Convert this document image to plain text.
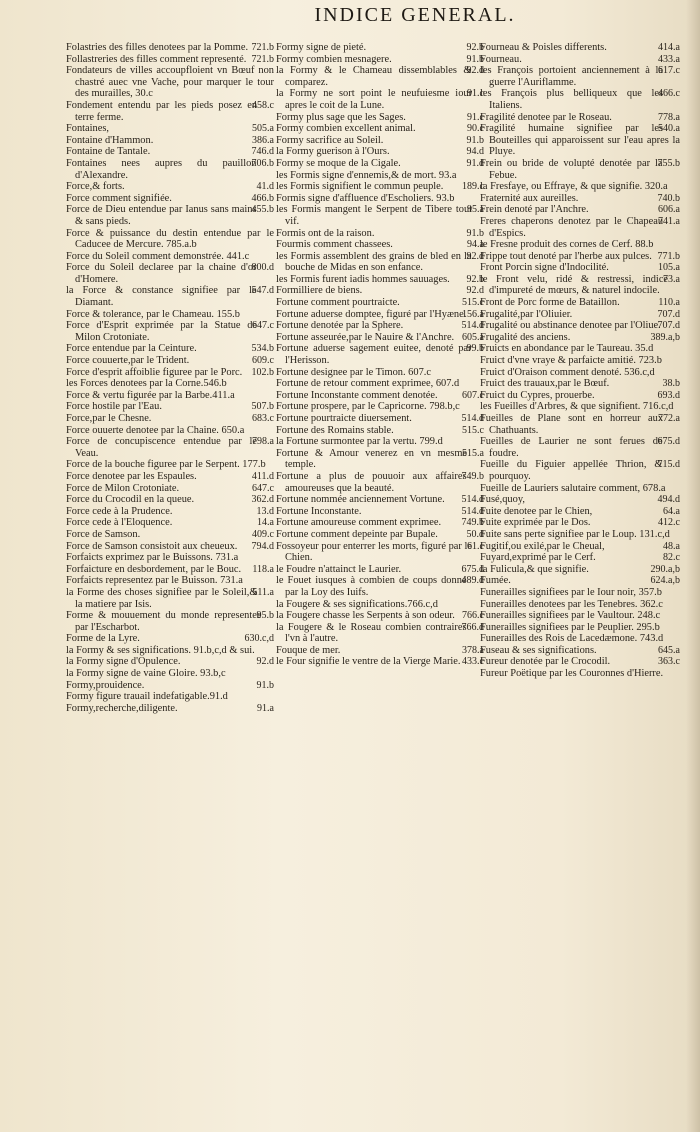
INDICE GENERAL.

721.b
Folastries des filles denotees par la Pomme.

721.b
Follastreries des filles comment representé.

Fondateurs de villes accoupfloient vn Bœuf non chastré auec vne Vache, pour marquer le tour des murailles, 30.c

458.c
Fondement entendu par les pieds posez en terre ferme.

505.a
Fontaines,

386.a
Fontaine d'Hammon.

746.d
Fontaine de Tantale.

706.b
Fontaines nees aupres du pauillon d'Alexandre.

41.d
Force,& forts.

466.b
Force comment signifiée.

455.b
Force de Dieu entendue par Ianus sans mains & sans pieds.

Force & puissance du destin entendue par le Caducee de Mercure. 785.a.b

Force du Soleil comment demonstrée. 441.c

800.d
Force du Soleil declaree par la chaine d'or d'Homere.

547.d
la Force & constance signifiee par le Diamant.

Force & tolerance, par le Chameau. 155.b

647.c
Force d'Esprit exprimée par la Statue de Milon Crotoniate.

534.b
Force entendue par la Ceinture.

609.c
Force couuerte,par le Trident.

102.b
Force d'esprit affoiblie figuree par le Porc.

les Forces denotees par la Corne.546.b

Force & vertu figurée par la Barbe.411.a

507.b
Force hostile par l'Eau.

683.c
Force,par le Chesne.

Force ouuerte denotee par la Chaine. 650.a

798.a
Force de concupiscence entendue par le Veau.

Force de la bouche figuree par le Serpent. 177.b

411.d
Force denotee par les Espaules.

647.c
Force de Milon Crotoniate.

362.d
Force du Crocodil en la queue.

13.d
Force cede à la Prudence.

14.a
Force cede à l'Eloquence.

409.c
Force de Samson.

794.d
Force de Samson consistoit aux cheueux.

Forfaicts exprimez par le Buissons. 731.a

118.a
Forfaicture en desbordement, par le Bouc.

Forfaicts representez par le Buisson. 731.a

511.a
la Forme des choses signifiee par le Soleil,& la matiere par Isis.

95.b
Forme & mouuement du monde representee par l'Escharbot.

630.c,d
Forme de la Lyre.

la Formy & ses significations. 91.b,c,d & sui.

92.d
la Formy signe d'Opulence.

la Formy signe de vaine Gloire. 93.b,c

91.b
Formy,prouidence.

Formy figure trauail indefatigable.91.d

91.a
Formy,recherche,diligente.

92.b
Formy signe de pieté.

91.b
Formy combien mesnagere.

92.d
la Formy & le Chameau dissemblables & comparez.

91.c
la Formy ne sort point le neufuiesme iour apres le coit de la Lune.

91.c
Formy plus sage que les Sages.

90.c
Formy combien excellent animal.

91.b
Formy sacrifice au Soleil.

94.d
la Formy guerison à l'Ours.

91.d
Formy se moque de la Cigale.

les Formis signe d'ennemis,& de mort. 93.a

189.c
les Formis signifient le commun peuple.

Formis signe d'affluence d'Escholiers. 93.b

95.a
les Formis mangent le Serpent de Tibere tout vif.

91.b
Formis ont de la raison.

94.a
Fourmis comment chassees.

92.d
les Formis assemblent des grains de bled en la bouche de Midas en son enfance.

92.b
les Formis furent iadis hommes sauuages.

92.d
Formilliere de biens.

515.c
Fortune comment pourtraicte.

156.a
Fortune aduerse domptee, figuré par l'Hyæne.

514.d
Fortune denotée par la Sphere.

605.a
Fortune asseurée,par le Nauire & l'Anchre.

99.b
Fortune aduerse sagement euitee, denoté par l'Herisson.

Fortune designee par le Timon. 607.c

Fortune de retour comment exprimee, 607.d

607.c
Fortune Inconstante comment denotée.

Fortune prospere, par le Capricorne. 798.b,c

514.d
Fortune pourtraicte diuersement.

515.c
Fortune des Romains stable.

la Fortune surmontee par la vertu. 799.d

515.a
Fortune & Amour venerez en vn mesme temple.

749.b
Fortune a plus de pouuoir aux affaires amoureuses que la beauté.

514.d
Fortune nommée anciennement Vortune.

514.d
Fortune Inconstante.

749.b
Fortune amoureuse comment exprimee.

50.d
Fortune comment depeinte par Bupale.

61.c
Fossoyeur pour enterrer les morts, figuré par le Chien.

675.d
le Foudre n'attainct le Laurier.

489.d
le Fouet iusques à combien de coups donné par la Loy des Iuifs.

la Fougere & ses significations.766.c,d

766.c
la Fougere chasse les Serpents à son odeur.

766.d
la Fougere & le Roseau combien contraires l'vn à l'autre.

378.a
Fouque de mer.

433.c
le Four signifie le ventre de la Vierge Marie.

414.a
Fourneau & Poisles differents.

433.a
Fourneau.

617.c
les François portoient anciennement à la guerre l'Auriflamme.

466.c
les François plus belliqueux que les Italiens.

778.a
Fragilité denotee par le Roseau.

540.a
Fragilité humaine signifiee par les Bouteilles qui apparoissent sur l'eau apres la Pluye.

755.b
Frein ou bride de volupté denotée par la Febue.

la Fresfaye, ou Effraye, & que signifie. 320.a

740.b
Fraternité aux aureilles.

606.a
Frein denoté par l'Anchre.

741.a
Freres chaperons denotez par le Chapeau d'Espics.

le Fresne produit des cornes de Cerf. 88.b

771.b
Frippe tout denoté par l'herbe aux pulces.

105.a
Front Porcin signe d'Indocilité.

73.a
le Front velu, ridé & restressi, indice d'impureté de mœurs, & naturel indocile.

110.a
Front de Porc forme de Bataillon.

707.d
Frugalité,par l'Oliuier.

707.d
Frugalité ou abstinance denotee par l'Oliue.

389.a,b
Frugalité des anciens.

Fruicts en abondance par le Taureau. 35.d

Fruict d'vne vraye & parfaicte amitié. 723.b

Fruict d'Oraison comment denoté. 536.c,d

38.b
Fruict des trauaux,par le Bœuf.

693.d
Fruict du Cypres, prouerbe.

les Fueilles d'Arbres, & que signifient. 716.c,d

772.a
Fueilles de Plane sont en horreur aux Chathuants.

675.d
Fueilles de Laurier ne sont ferues de foudre.

715.d
Fueille du Figuier appellée Thrion, & pourquoy.

Fueille de Lauriers salutaire comment, 678.a

494.d
Fusé,quoy,

64.a
Fuite denotee par le Chien,

412.c
Fuite exprimée par le Dos.

Fuite sans perte signifiee par le Loup. 131.c,d

48.a
Fugitif,ou exilé,par le Cheual,

82.c
Fuyard,exprimé par le Cerf.

290.a,b
la Fulicula,& que signifie.

624.a,b
Fumée.

Funerailles signifiees par le Iour noir, 357.b

Funerailles denotees par les Tenebres. 362.c

Funerailles signifiees par le Vaultour. 248.c

Funerailles signifiees par le Peuplier. 295.b

Funerailles des Rois de Lacedæmone. 743.d

645.a
Fuseau & ses significations.

363.c
Fureur denotée par le Crocodil.

Fureur Poëtique par les Couronnes d'Hierre.
